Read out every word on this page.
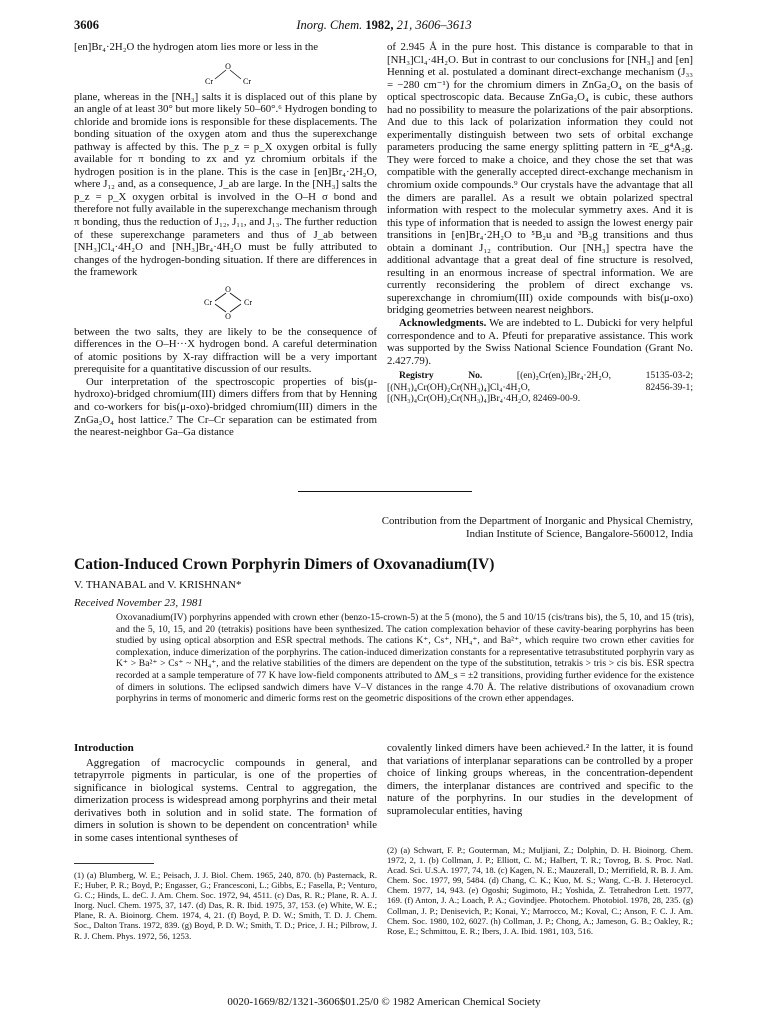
3606	Inorg. Chem. 1982, 21, 3606–3613

[en]Br₄·2H₂O the hydrogen atom lies more or less in the

O
Cr	Cr

plane, whereas in the [NH₃] salts it is displaced out of this plane by an angle of at least 30° but more likely 50–60°.⁶ Hydrogen bonding to chloride and bromide ions is responsible for these displacements. The bonding situation of the oxygen atom and thus the superexchange pathway is affected by this. The p_z = p_X oxygen orbital is fully available for π bonding to zx and yz chromium orbitals if the hydrogen position is in the plane. This is the case in [en]Br₄·2H₂O, where J₁₂ and, as a consequence, J_ab are large. In the [NH₃] salts the p_z = p_X oxygen orbital is involved in the O–H σ bond and therefore not fully available in the superexchange mechanism through π bonding, thus the reduction of J₁₂, J₁₁, and J₁₃. The further reduction of these superexchange parameters and thus of J_ab between [NH₃]Cl₄·4H₂O and [NH₃]Br₄·4H₂O must be fully attributed to changes of the hydrogen-bonding situation. If there are differences in the framework

O
O
Cr	Cr

between the two salts, they are likely to be the consequence of differences in the O–H···X hydrogen bond. A careful determination of atomic positions by X-ray diffraction will be a very important prerequisite for a quantitative discussion of our results.

Our interpretation of the spectroscopic properties of bis(μ-hydroxo)-bridged chromium(III) dimers differs from that by Henning and co-workers for bis(μ-oxo)-bridged chromium(III) dimers in the ZnGa₂O₄ host lattice.⁷ The Cr–Cr separation can be estimated from the nearest-neighbor Ga–Ga distance

of 2.945 Å in the pure host. This distance is comparable to that in [NH₃]Cl₄·4H₂O. But in contrast to our conclusions for [NH₃] and [en] Henning et al. postulated a dominant direct-exchange mechanism (J₃₃ = −280 cm⁻¹) for the chromium dimers in ZnGa₂O₄ on the basis of optical spectroscopic data. Because ZnGa₂O₄ is cubic, these authors had no possibility to measure the polarizations of the pair absorptions. And due to this lack of polarization information they could not experimentally distinguish between two sets of orbital exchange parameters producing the same energy splitting pattern in ²E_g⁴A₂g. They were forced to make a choice, and they chose the set that was compatible with the generally accepted direct-exchange mechanism in chromium oxide compounds.⁹ Our crystals have the advantage that all the dimers are parallel. As a result we obtain polarized spectral information with respect to the molecular symmetry axes. And it is this type of information that is needed to assign the lowest energy pair transitions in [en]Br₄·2H₂O to ⁵B₂u and ³B₃g transitions and thus obtain a dominant J₁₂ contribution. Our [NH₃] spectra have the additional advantage that a great deal of fine structure is resolved, resulting in an enormous increase of spectral information. We are currently reconsidering the problem of direct exchange vs. superexchange in chromium(III) oxide compounds with bis(μ-oxo) bridging geometries between nearest neighbors.

Acknowledgments. We are indebted to L. Dubicki for very helpful correspondence and to A. Pfeuti for preparative assistance. This work was supported by the Swiss National Science Foundation (Grant No. 2.427.79).

Registry No.	[(en)₂Cr(en)₂]Br₄·2H₂O, 15135-03-2; [(NH₃)₄Cr(OH)₂Cr(NH₃)₄]Cl₄·4H₂O, 82456-39-1; [(NH₃)₄Cr(OH)₂Cr(NH₃)₄]Br₄·4H₂O, 82469-00-9.

Contribution from the Department of Inorganic and Physical Chemistry,
Indian Institute of Science, Bangalore-560012, India
Cation-Induced Crown Porphyrin Dimers of Oxovanadium(IV)
V. THANABAL and V. KRISHNAN*
Received November 23, 1981
Oxovanadium(IV) porphyrins appended with crown ether (benzo-15-crown-5) at the 5 (mono), the 5 and 10/15 (cis/trans bis), the 5, 10, and 15 (tris), and the 5, 10, 15, and 20 (tetrakis) positions have been synthesized. The cation complexation behavior of these cavity-bearing porphyrins has been studied by using optical absorption and ESR spectral methods. The cations K⁺, Cs⁺, NH₄⁺, and Ba²⁺, which require two crown ether cavities for complexation, induce dimerization of the porphyrins. The cation-induced dimerization constants for a representative tetrasubstituted porphyrin vary as K⁺ > Ba²⁺ > Cs⁺ ~ NH₄⁺, and the relative stabilities of the dimers are dependent on the type of the substitution, tetrakis > tris > cis bis. ESR spectra recorded at a sample temperature of 77 K have low-field components attributed to ΔM_s = ±2 transitions, providing further evidence for the existence of dimers in solutions. The eclipsed sandwich dimers have V–V distances in the range 4.70 Å. The relative distributions of oxovanadium crown porphyrins in terms of monomeric and dimeric forms rest on the geometric dispositions of the crown ether appendages.

Introduction

Aggregation of macrocyclic compounds in general, and tetrapyrrole pigments in particular, is one of the properties of significance in biological systems. Central to aggregation, the dimerization process is widespread among porphyrins and their metal derivatives both in solution and in solid state. The formation of dimers in solution is shown to be dependent on concentration¹ while in some cases intentional syntheses of

covalently linked dimers have been achieved.² In the latter, it is found that variations of interplanar separations can be controlled by a proper choice of linking groups whereas, in the concentration-dependent dimers, the interplanar distances are contrived and specific to the nature of the porphyrins. In our studies in the development of supramolecular entities, having

(1) (a) Blumberg, W. E.; Peisach, J. J. Biol. Chem. 1965, 240, 870. (b) Pasternack, R. F.; Huber, P. R.; Boyd, P.; Engasser, G.; Francesconi, L.; Gibbs, E.; Fasella, P.; Venturo, G. C.; Hinds, L. deC. J. Am. Chem. Soc. 1972, 94, 4511. (c) Das, R. R.; Plane, R. A. J. Inorg. Nucl. Chem. 1975, 37, 147. (d) Das, R. R. Ibid. 1975, 37, 153. (e) White, W. E.; Plane, R. A. Bioinorg. Chem. 1974, 4, 21. (f) Boyd, P. D. W.; Smith, T. D. J. Chem. Soc., Dalton Trans. 1972, 839. (g) Boyd, P. D. W.; Smith, T. D.; Price, J. H.; Pilbrow, J. R. J. Chem. Phys. 1972, 56, 1253.
(2) (a) Schwart, F. P.; Gouterman, M.; Muljiani, Z.; Dolphin, D. H. Bioinorg. Chem. 1972, 2, 1. (b) Collman, J. P.; Elliott, C. M.; Halbert, T. R.; Tovrog, B. S. Proc. Natl. Acad. Sci. U.S.A. 1977, 74, 18. (c) Kagen, N. E.; Mauzerall, D.; Merrifield, R. B. J. Am. Chem. Soc. 1977, 99, 5484. (d) Chang, C. K.; Kuo, M. S.; Wang, C.-B. J. Heterocycl. Chem. 1977, 14, 943. (e) Ogoshi; Sugimoto, H.; Yoshida, Z. Tetrahedron Lett. 1977, 169. (f) Anton, J. A.; Loach, P. A.; Govindjee. Photochem. Photobiol. 1978, 28, 235. (g) Collman, J. P.; Denisevich, P.; Konai, Y.; Marrocco, M.; Koval, C.; Anson, F. C. J. Am. Chem. Soc. 1980, 102, 6027. (h) Collman, J. P.; Chong, A.; Jameson, G. B.; Oakley, R.; Rose, E.; Schmittou, E. R.; Ibers, J. A. Ibid. 1981, 103, 516.
0020-1669/82/1321-3606$01.25/0 © 1982 American Chemical Society
